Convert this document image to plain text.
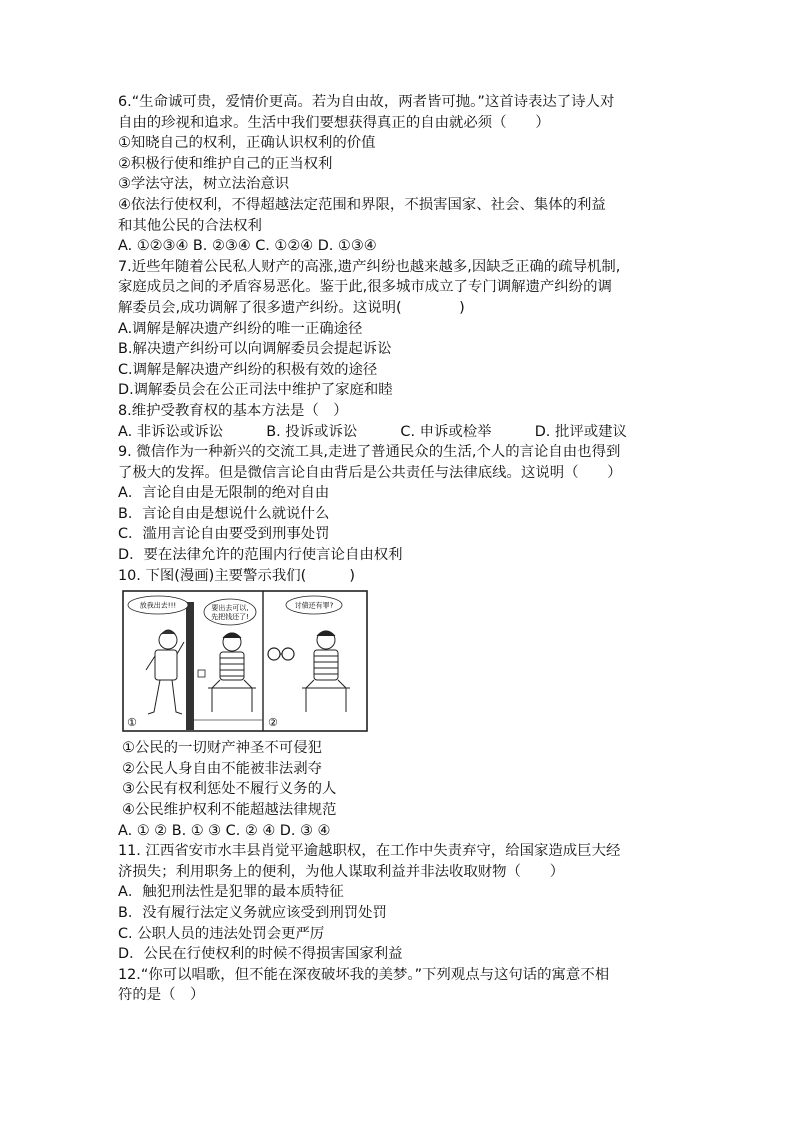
6.“生命诚可贵，爱情价更高。若为自由故，两者皆可抛。”这首诗表达了诗人对
自由的珍视和追求。生活中我们要想获得真正的自由就必须（　　）
①知晓自己的权利，正确认识权利的价值
②积极行使和维护自己的正当权利
③学法守法，树立法治意识
④依法行使权利，不得超越法定范围和界限，不损害国家、社会、集体的利益
和其他公民的合法权利
A. ①②③④ B. ②③④ C. ①②④ D. ①③④
7.近些年随着公民私人财产的高涨,遗产纠纷也越来越多,因缺乏正确的疏导机制,
家庭成员之间的矛盾容易恶化。鉴于此,很多城市成立了专门调解遗产纠纷的调
解委员会,成功调解了很多遗产纠纷。这说明(　　　　)
A.调解是解决遗产纠纷的唯一正确途径
B.解决遗产纠纷可以向调解委员会提起诉讼
C.调解是解决遗产纠纷的积极有效的途径
D.调解委员会在公正司法中维护了家庭和睦
8.维护受教育权的基本方法是（　）
A. 非诉讼或诉讼　　　B. 投诉或诉讼　　　C. 申诉或检举　　　D. 批评或建议
9. 微信作为一种新兴的交流工具,走进了普通民众的生活,个人的言论自由也得到
了极大的发挥。但是微信言论自由背后是公共责任与法律底线。这说明（　　）
A．言论自由是无限制的绝对自由
B．言论自由是想说什么就说什么
C．滥用言论自由要受到刑事处罚
D．要在法律允许的范围内行使言论自由权利
10. 下图(漫画)主要警示我们(　　　)
放我出去!!!	要出去可以,
先把钱还了!
①
讨债还有罪?
②
①公民的一切财产神圣不可侵犯
②公民人身自由不能被非法剥夺
③公民有权利惩处不履行义务的人
④公民维护权利不能超越法律规范
A. ① ② B. ① ③ C. ② ④ D. ③ ④
11. 江西省安市水丰县肖觉平逾越职权，在工作中失责弃守，给国家造成巨大经
济损失；利用职务上的便利，为他人谋取利益并非法收取财物（　　）
A．触犯刑法性是犯罪的最本质特征
B．没有履行法定义务就应该受到刑罚处罚
C. 公职人员的违法处罚会更严厉
D．公民在行使权利的时候不得损害国家利益
12.“你可以唱歌，但不能在深夜破坏我的美梦。”下列观点与这句话的寓意不相
符的是（　）
